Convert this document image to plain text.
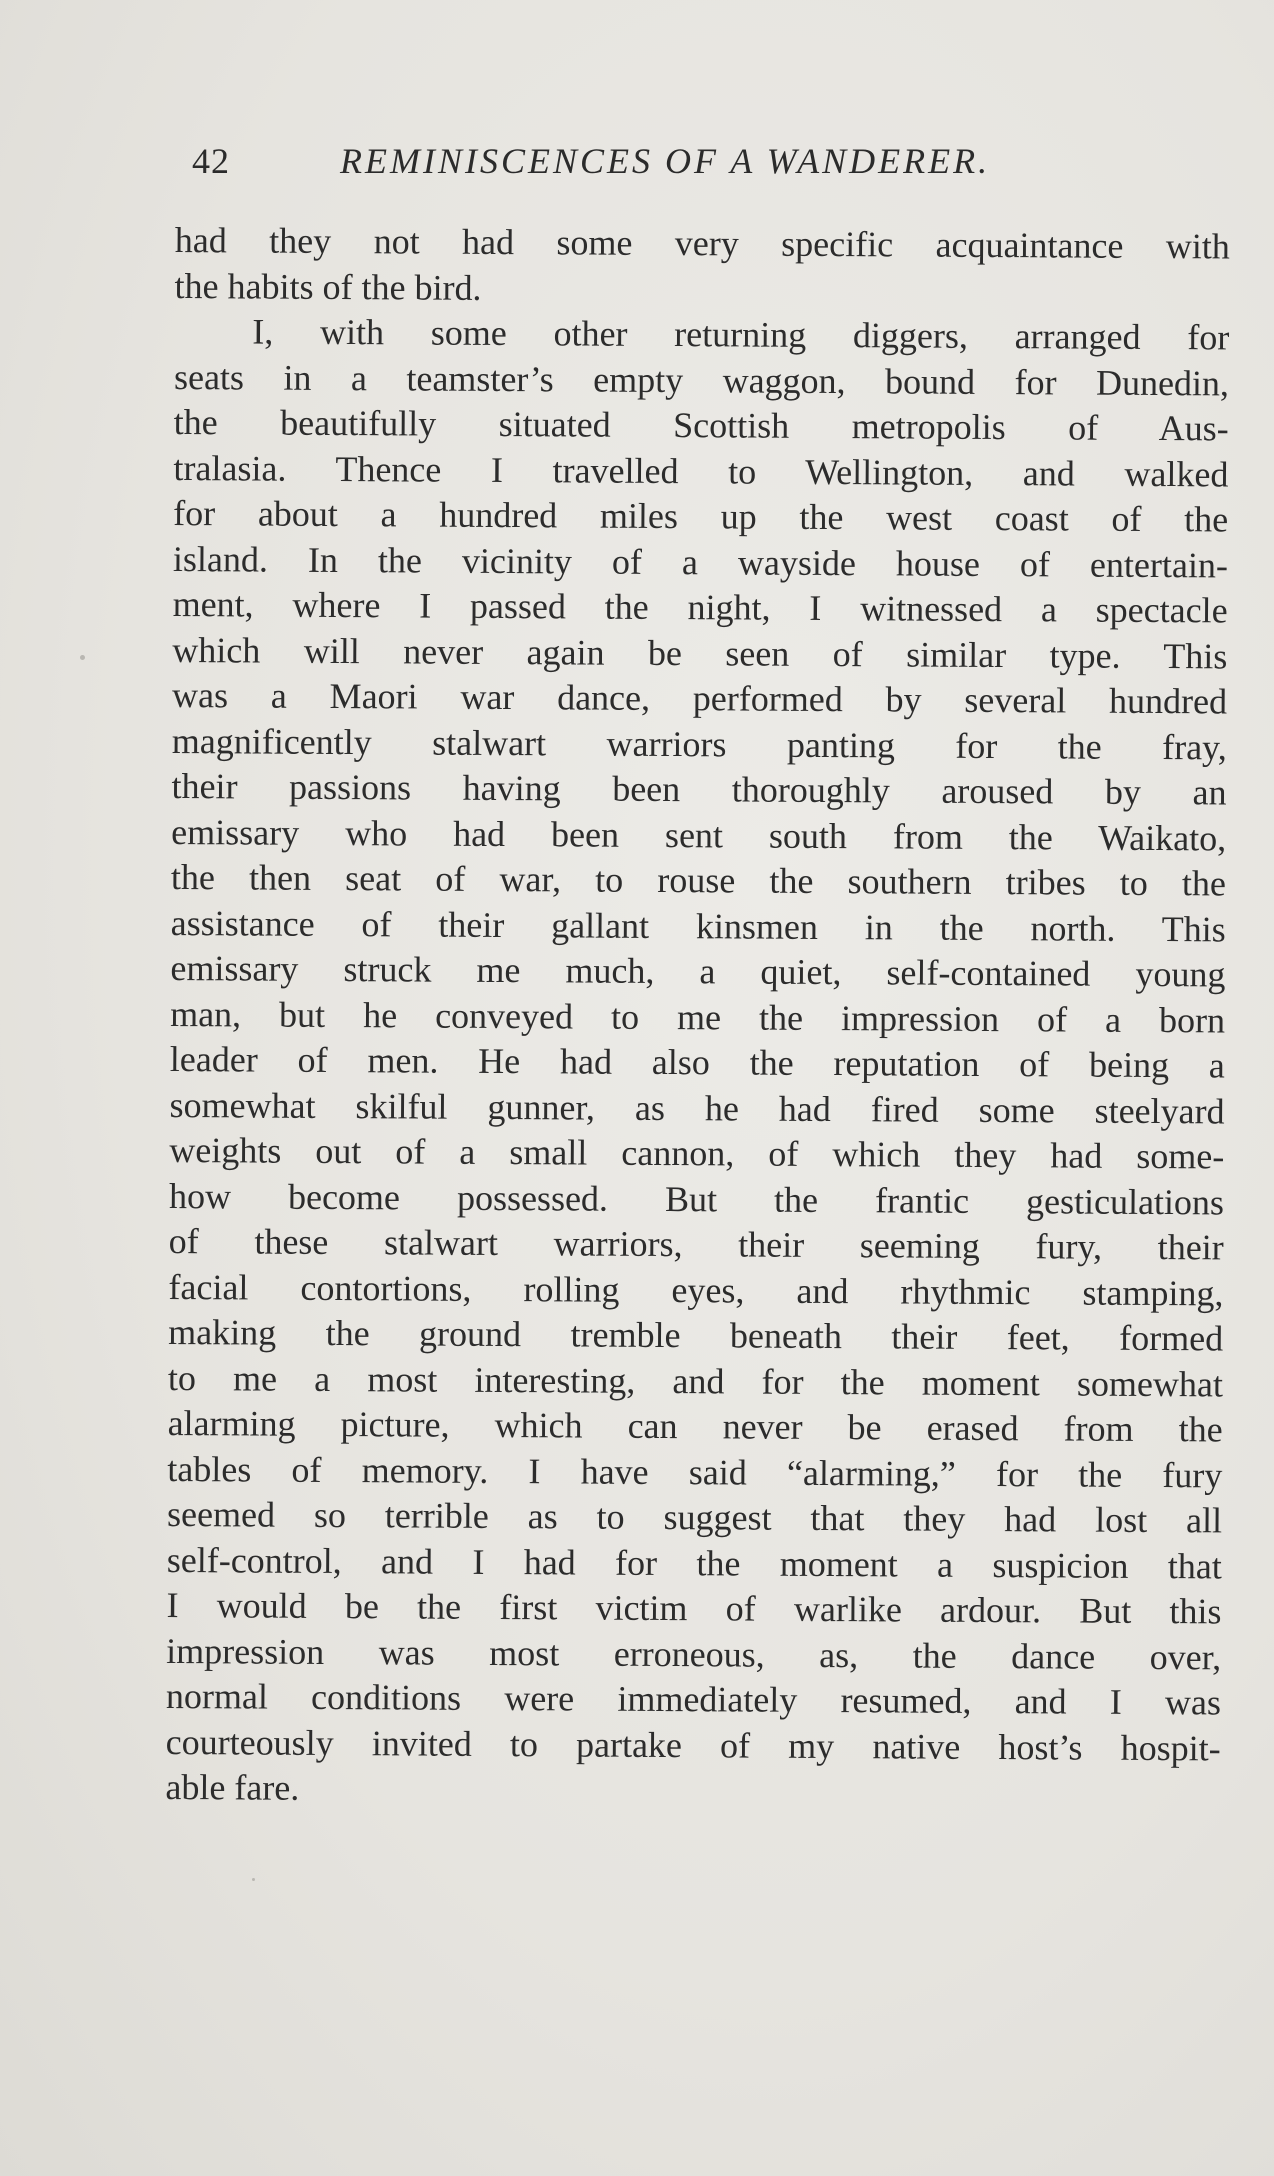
42	REMINISCENCES OF A WANDERER.
had they not had some very specific acquaintance with
the habits of the bird.
I, with some other returning diggers, arranged for
seats in a teamster’s empty waggon, bound for Dunedin,
the beautifully situated Scottish metropolis of Aus-
tralasia. Thence I travelled to Wellington, and walked
for about a hundred miles up the west coast of the
island. In the vicinity of a wayside house of entertain-
ment, where I passed the night, I witnessed a spectacle
which will never again be seen of similar type. This
was a Maori war dance, performed by several hundred
magnificently stalwart warriors panting for the fray,
their passions having been thoroughly aroused by an
emissary who had been sent south from the Waikato,
the then seat of war, to rouse the southern tribes to the
assistance of their gallant kinsmen in the north. This
emissary struck me much, a quiet, self-contained young
man, but he conveyed to me the impression of a born
leader of men. He had also the reputation of being a
somewhat skilful gunner, as he had fired some steelyard
weights out of a small cannon, of which they had some-
how become possessed. But the frantic gesticulations
of these stalwart warriors, their seeming fury, their
facial contortions, rolling eyes, and rhythmic stamping,
making the ground tremble beneath their feet, formed
to me a most interesting, and for the moment somewhat
alarming picture, which can never be erased from the
tables of memory. I have said “alarming,” for the fury
seemed so terrible as to suggest that they had lost all
self-control, and I had for the moment a suspicion that
I would be the first victim of warlike ardour. But this
impression was most erroneous, as, the dance over,
normal conditions were immediately resumed, and I was
courteously invited to partake of my native host’s hospit-
able fare.
